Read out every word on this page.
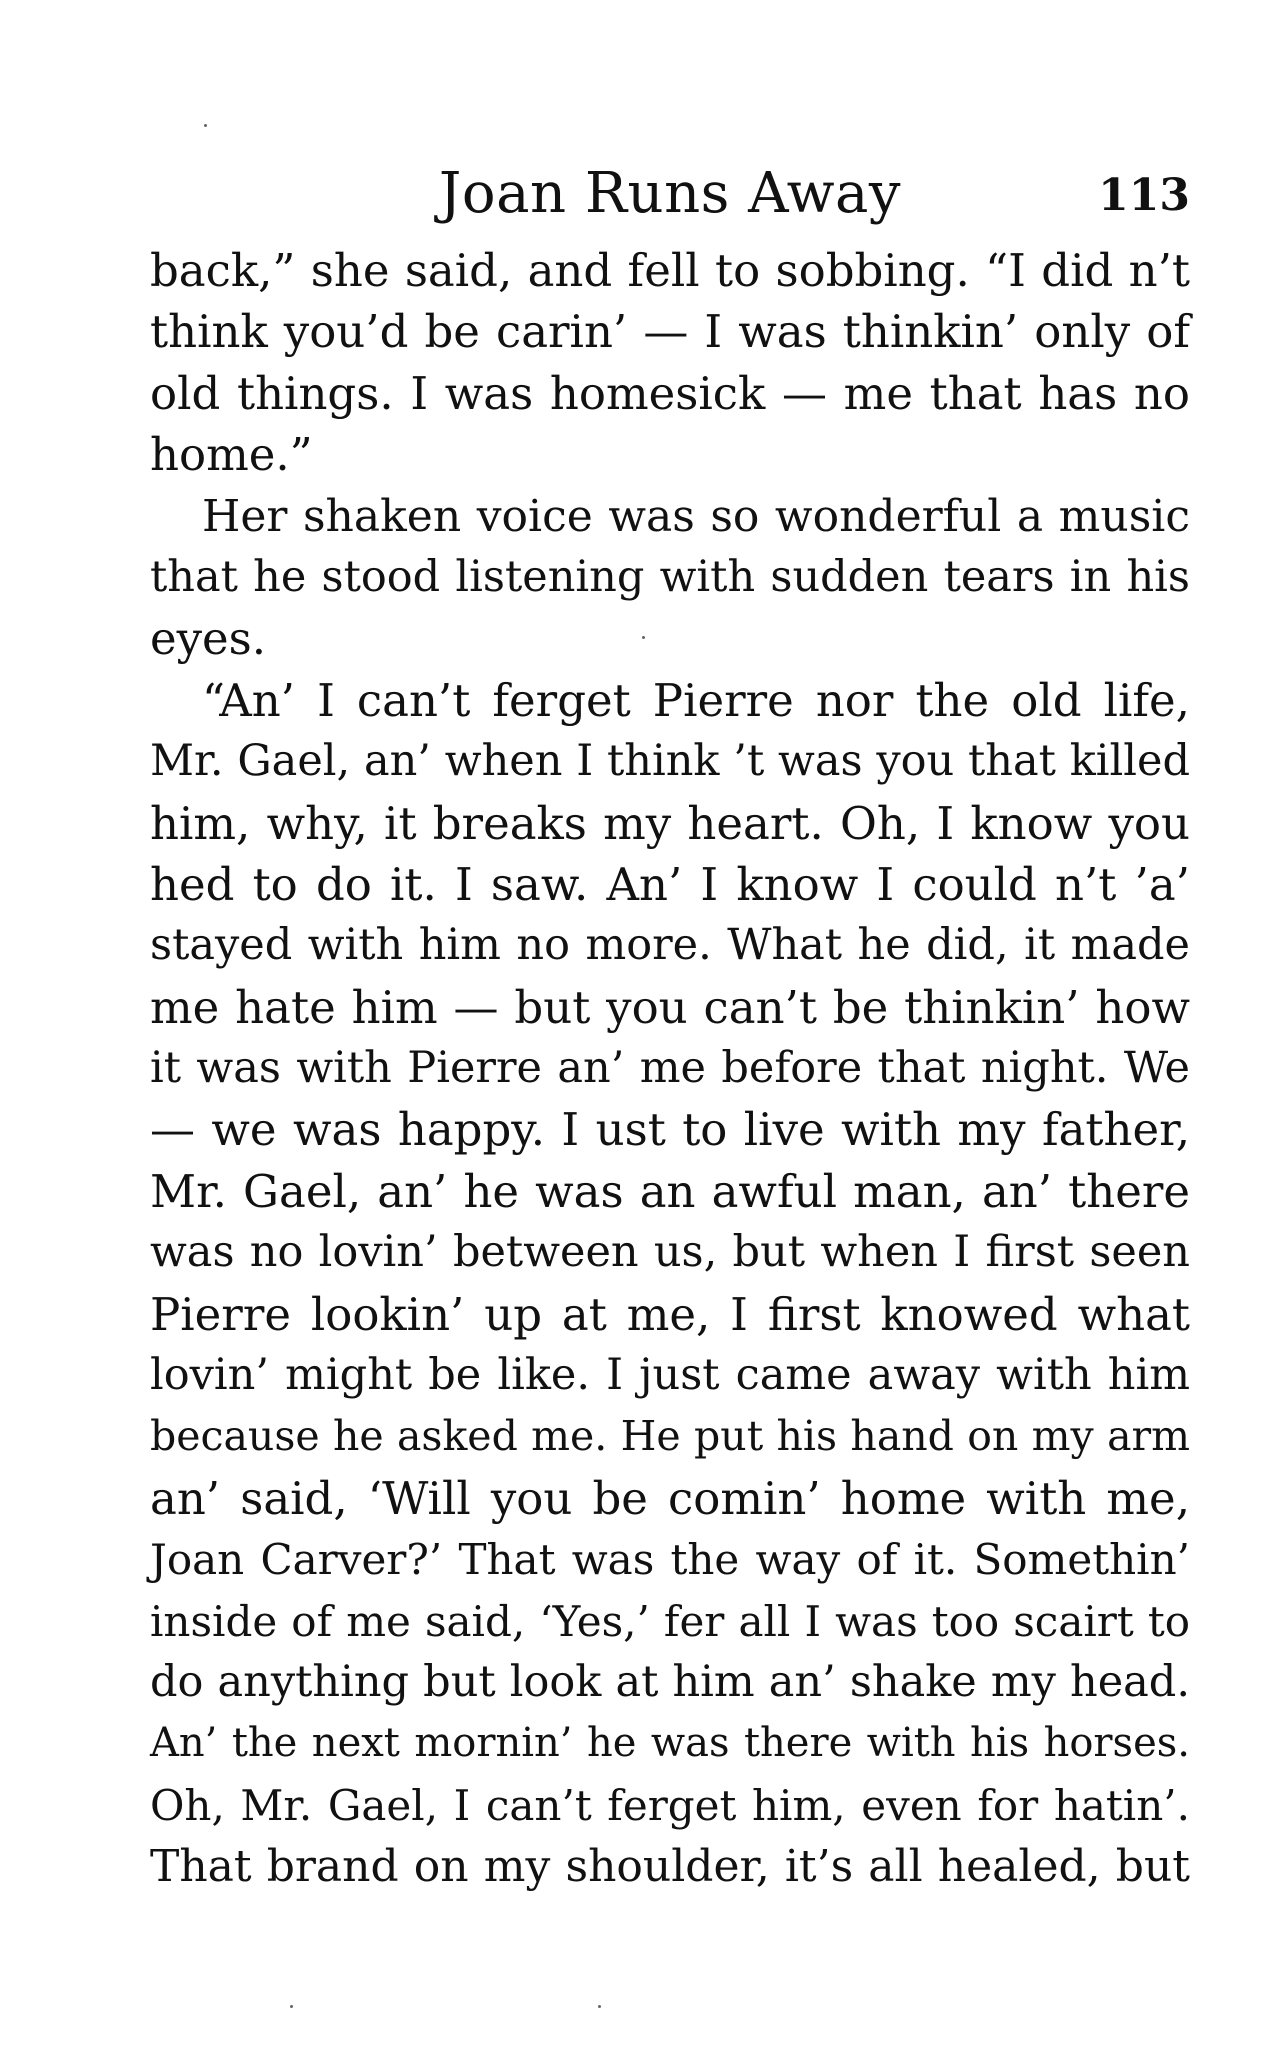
Joan Runs Away	113
back,” she said, and fell to sobbing. “I did n’t
think you’d be carin’ — I was thinkin’ only of
old things. I was homesick — me that has no
home.”
Her shaken voice was so wonderful a music
that he stood listening with sudden tears in his
eyes.
“An’ I can’t ferget Pierre nor the old life,
Mr. Gael, an’ when I think ’t was you that killed
him, why, it breaks my heart. Oh, I know you
hed to do it. I saw. An’ I know I could n’t ’a’
stayed with him no more. What he did, it made
me hate him — but you can’t be thinkin’ how
it was with Pierre an’ me before that night. We
— we was happy. I ust to live with my father,
Mr. Gael, an’ he was an awful man, an’ there
was no lovin’ between us, but when I first seen
Pierre lookin’ up at me, I first knowed what
lovin’ might be like. I just came away with him
because he asked me. He put his hand on my arm
an’ said, ‘Will you be comin’ home with me,
Joan Carver?’ That was the way of it. Somethin’
inside of me said, ‘Yes,’ fer all I was too scairt to
do anything but look at him an’ shake my head.
An’ the next mornin’ he was there with his horses.
Oh, Mr. Gael, I can’t ferget him, even for hatin’.
That brand on my shoulder, it’s all healed, but
